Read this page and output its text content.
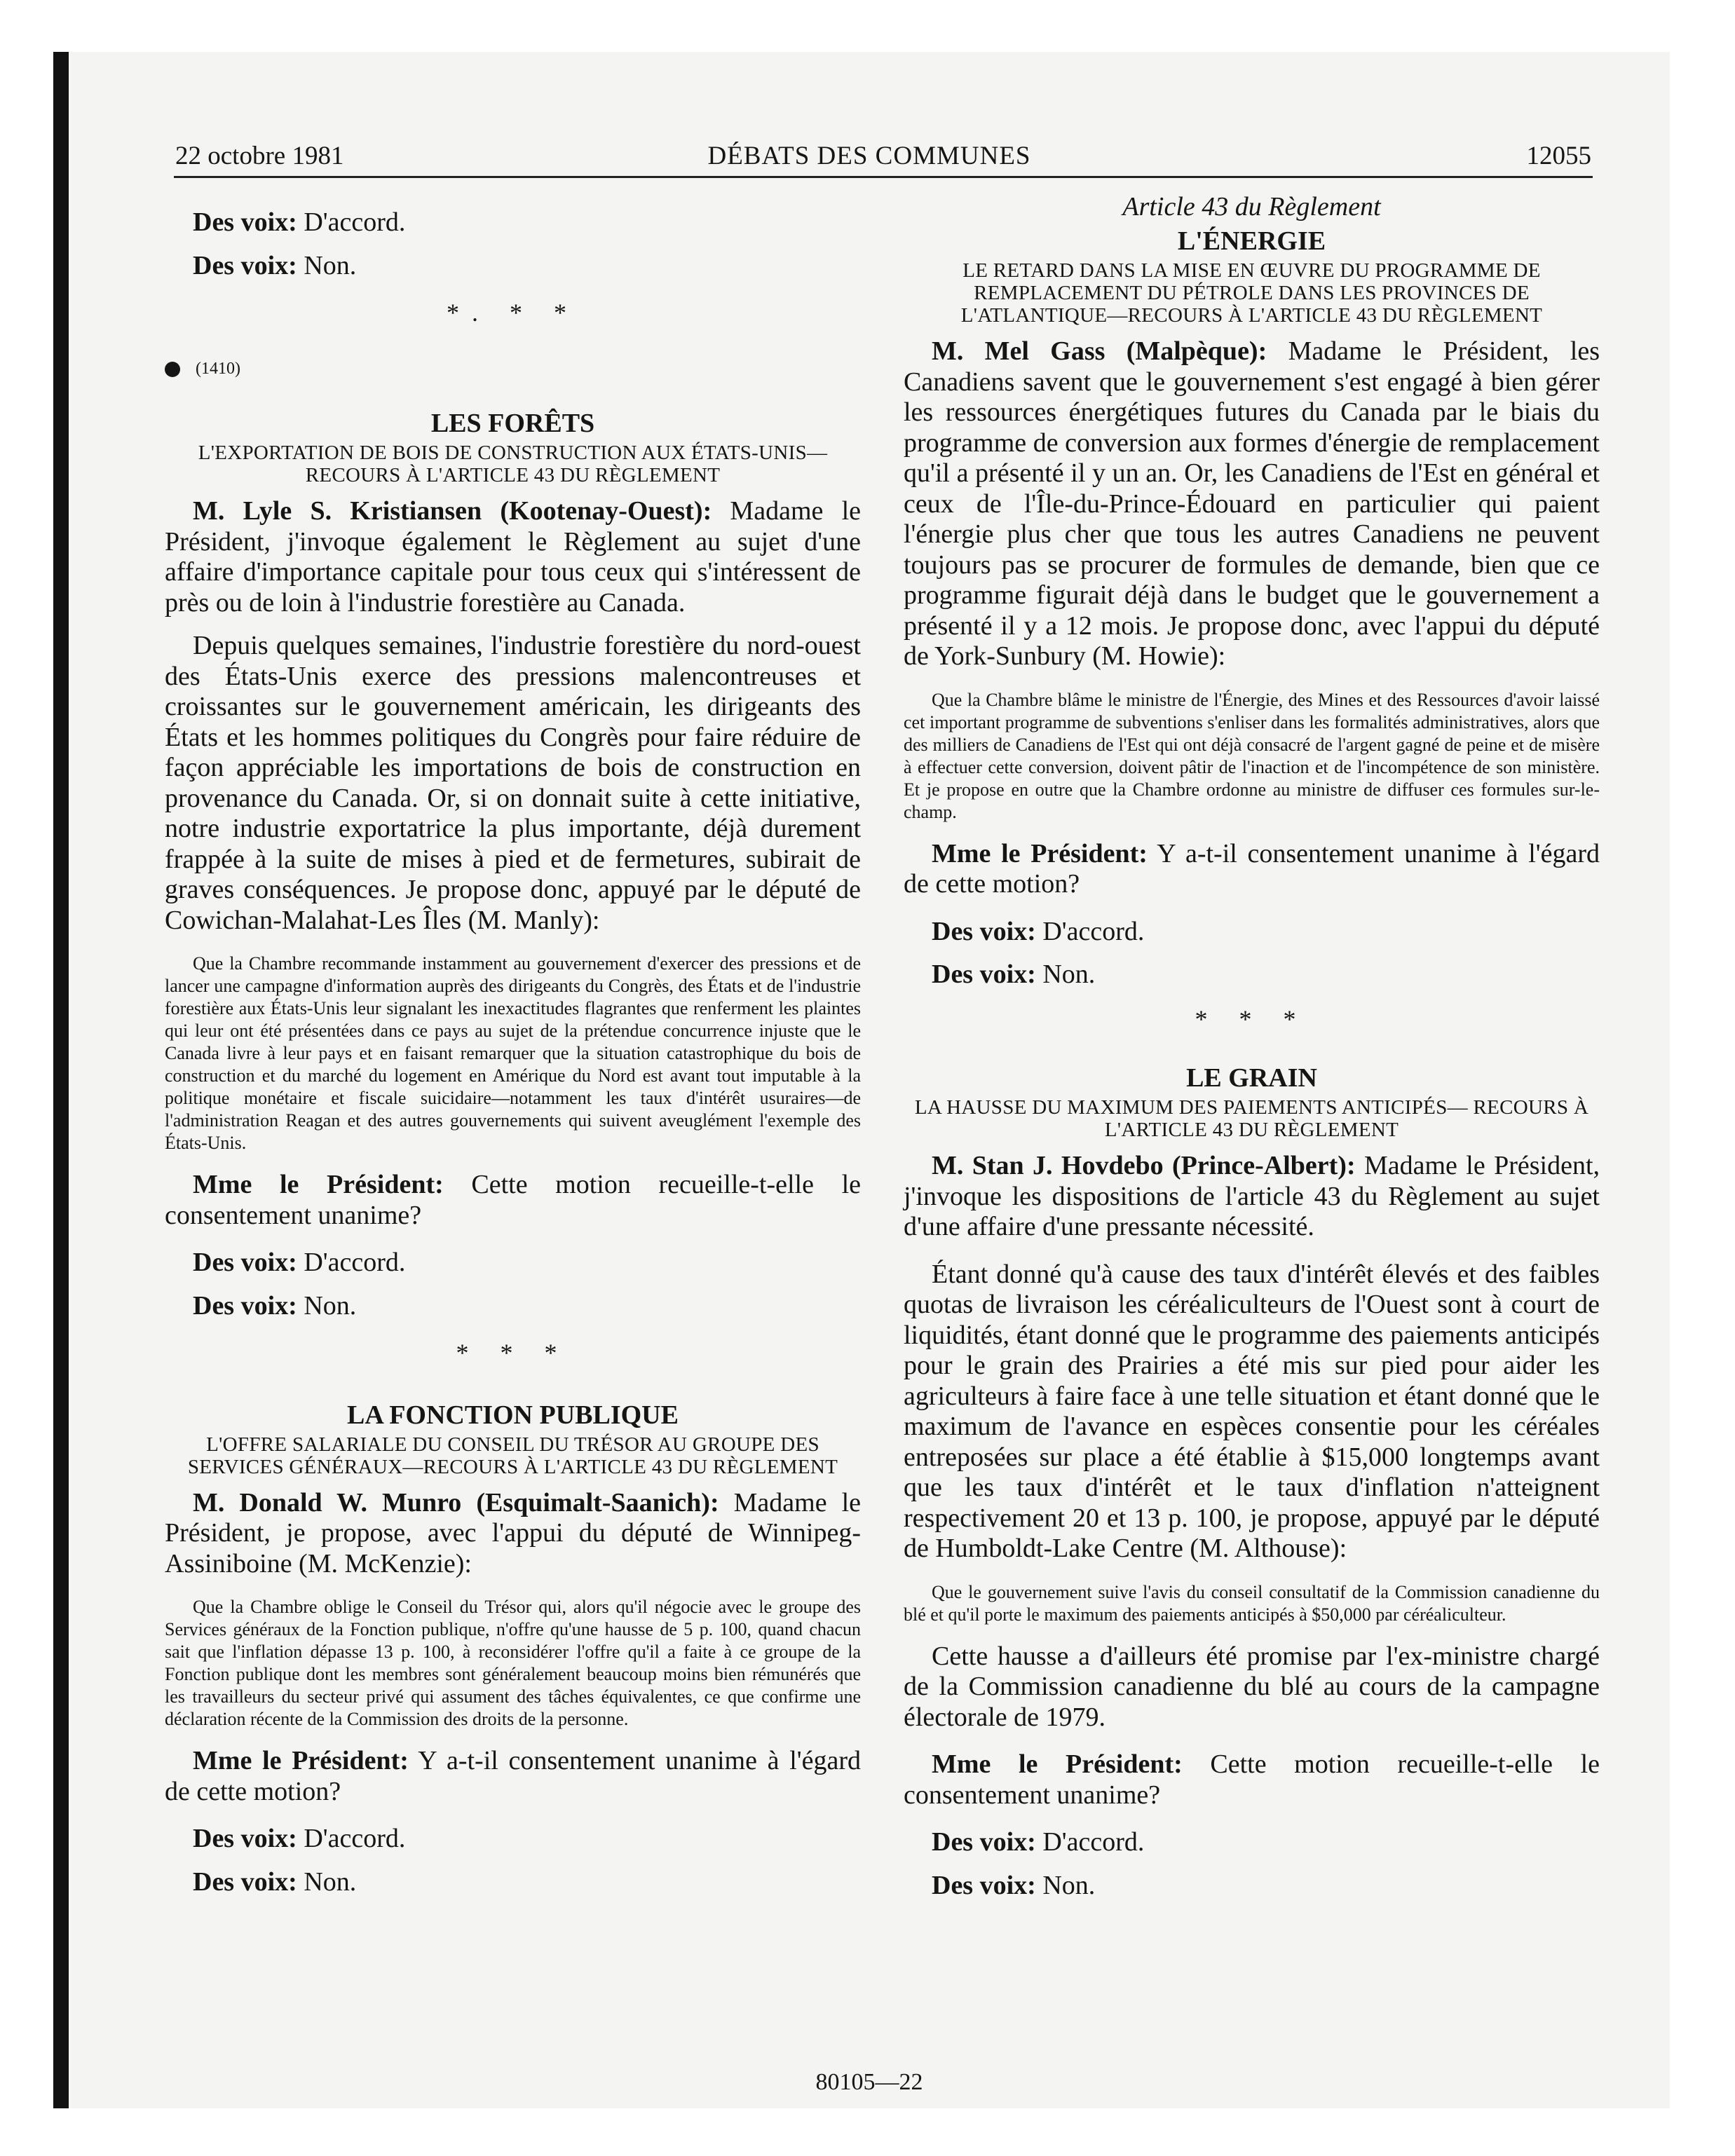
22 octobre 1981	DÉBATS DES COMMUNES	12055

Des voix: D'accord.

Des voix: Non.

*. * *
(1410)
LES FORÊTS
L'EXPORTATION DE BOIS DE CONSTRUCTION AUX ÉTATS-UNIS— RECOURS À L'ARTICLE 43 DU RÈGLEMENT

M. Lyle S. Kristiansen (Kootenay-Ouest): Madame le Président, j'invoque également le Règlement au sujet d'une affaire d'importance capitale pour tous ceux qui s'intéressent de près ou de loin à l'industrie forestière au Canada.

Depuis quelques semaines, l'industrie forestière du nord-ouest des États-Unis exerce des pressions malencontreuses et croissantes sur le gouvernement américain, les dirigeants des États et les hommes politiques du Congrès pour faire réduire de façon appréciable les importations de bois de construction en provenance du Canada. Or, si on donnait suite à cette initiative, notre industrie exportatrice la plus importante, déjà durement frappée à la suite de mises à pied et de fermetures, subirait de graves conséquences. Je propose donc, appuyé par le député de Cowichan-Malahat-Les Îles (M. Manly):

Que la Chambre recommande instamment au gouvernement d'exercer des pressions et de lancer une campagne d'information auprès des dirigeants du Congrès, des États et de l'industrie forestière aux États-Unis leur signalant les inexactitudes flagrantes que renferment les plaintes qui leur ont été présentées dans ce pays au sujet de la prétendue concurrence injuste que le Canada livre à leur pays et en faisant remarquer que la situation catastrophique du bois de construction et du marché du logement en Amérique du Nord est avant tout imputable à la politique monétaire et fiscale suicidaire—notamment les taux d'intérêt usuraires—de l'administration Reagan et des autres gouvernements qui suivent aveuglément l'exemple des États-Unis.

Mme le Président: Cette motion recueille-t-elle le consentement unanime?

Des voix: D'accord.

Des voix: Non.

* * *
LA FONCTION PUBLIQUE
L'OFFRE SALARIALE DU CONSEIL DU TRÉSOR AU GROUPE DES SERVICES GÉNÉRAUX—RECOURS À L'ARTICLE 43 DU RÈGLEMENT

M. Donald W. Munro (Esquimalt-Saanich): Madame le Président, je propose, avec l'appui du député de Winnipeg-Assiniboine (M. McKenzie):

Que la Chambre oblige le Conseil du Trésor qui, alors qu'il négocie avec le groupe des Services généraux de la Fonction publique, n'offre qu'une hausse de 5 p. 100, quand chacun sait que l'inflation dépasse 13 p. 100, à reconsidérer l'offre qu'il a faite à ce groupe de la Fonction publique dont les membres sont généralement beaucoup moins bien rémunérés que les travailleurs du secteur privé qui assument des tâches équivalentes, ce que confirme une déclaration récente de la Commission des droits de la personne.

Mme le Président: Y a-t-il consentement unanime à l'égard de cette motion?

Des voix: D'accord.

Des voix: Non.

Article 43 du Règlement
L'ÉNERGIE
LE RETARD DANS LA MISE EN ŒUVRE DU PROGRAMME DE REMPLACEMENT DU PÉTROLE DANS LES PROVINCES DE L'ATLANTIQUE—RECOURS À L'ARTICLE 43 DU RÈGLEMENT

M. Mel Gass (Malpèque): Madame le Président, les Canadiens savent que le gouvernement s'est engagé à bien gérer les ressources énergétiques futures du Canada par le biais du programme de conversion aux formes d'énergie de remplacement qu'il a présenté il y un an. Or, les Canadiens de l'Est en général et ceux de l'Île-du-Prince-Édouard en particulier qui paient l'énergie plus cher que tous les autres Canadiens ne peuvent toujours pas se procurer de formules de demande, bien que ce programme figurait déjà dans le budget que le gouvernement a présenté il y a 12 mois. Je propose donc, avec l'appui du député de York-Sunbury (M. Howie):

Que la Chambre blâme le ministre de l'Énergie, des Mines et des Ressources d'avoir laissé cet important programme de subventions s'enliser dans les formalités administratives, alors que des milliers de Canadiens de l'Est qui ont déjà consacré de l'argent gagné de peine et de misère à effectuer cette conversion, doivent pâtir de l'inaction et de l'incompétence de son ministère. Et je propose en outre que la Chambre ordonne au ministre de diffuser ces formules sur-le-champ.

Mme le Président: Y a-t-il consentement unanime à l'égard de cette motion?

Des voix: D'accord.

Des voix: Non.

* * *
LE GRAIN
LA HAUSSE DU MAXIMUM DES PAIEMENTS ANTICIPÉS— RECOURS À L'ARTICLE 43 DU RÈGLEMENT

M. Stan J. Hovdebo (Prince-Albert): Madame le Président, j'invoque les dispositions de l'article 43 du Règlement au sujet d'une affaire d'une pressante nécessité.

Étant donné qu'à cause des taux d'intérêt élevés et des faibles quotas de livraison les céréaliculteurs de l'Ouest sont à court de liquidités, étant donné que le programme des paiements anticipés pour le grain des Prairies a été mis sur pied pour aider les agriculteurs à faire face à une telle situation et étant donné que le maximum de l'avance en espèces consentie pour les céréales entreposées sur place a été établie à $15,000 longtemps avant que les taux d'intérêt et le taux d'inflation n'atteignent respectivement 20 et 13 p. 100, je propose, appuyé par le député de Humboldt-Lake Centre (M. Althouse):

Que le gouvernement suive l'avis du conseil consultatif de la Commission canadienne du blé et qu'il porte le maximum des paiements anticipés à $50,000 par céréaliculteur.

Cette hausse a d'ailleurs été promise par l'ex-ministre chargé de la Commission canadienne du blé au cours de la campagne électorale de 1979.

Mme le Président: Cette motion recueille-t-elle le consentement unanime?

Des voix: D'accord.

Des voix: Non.

80105—22
